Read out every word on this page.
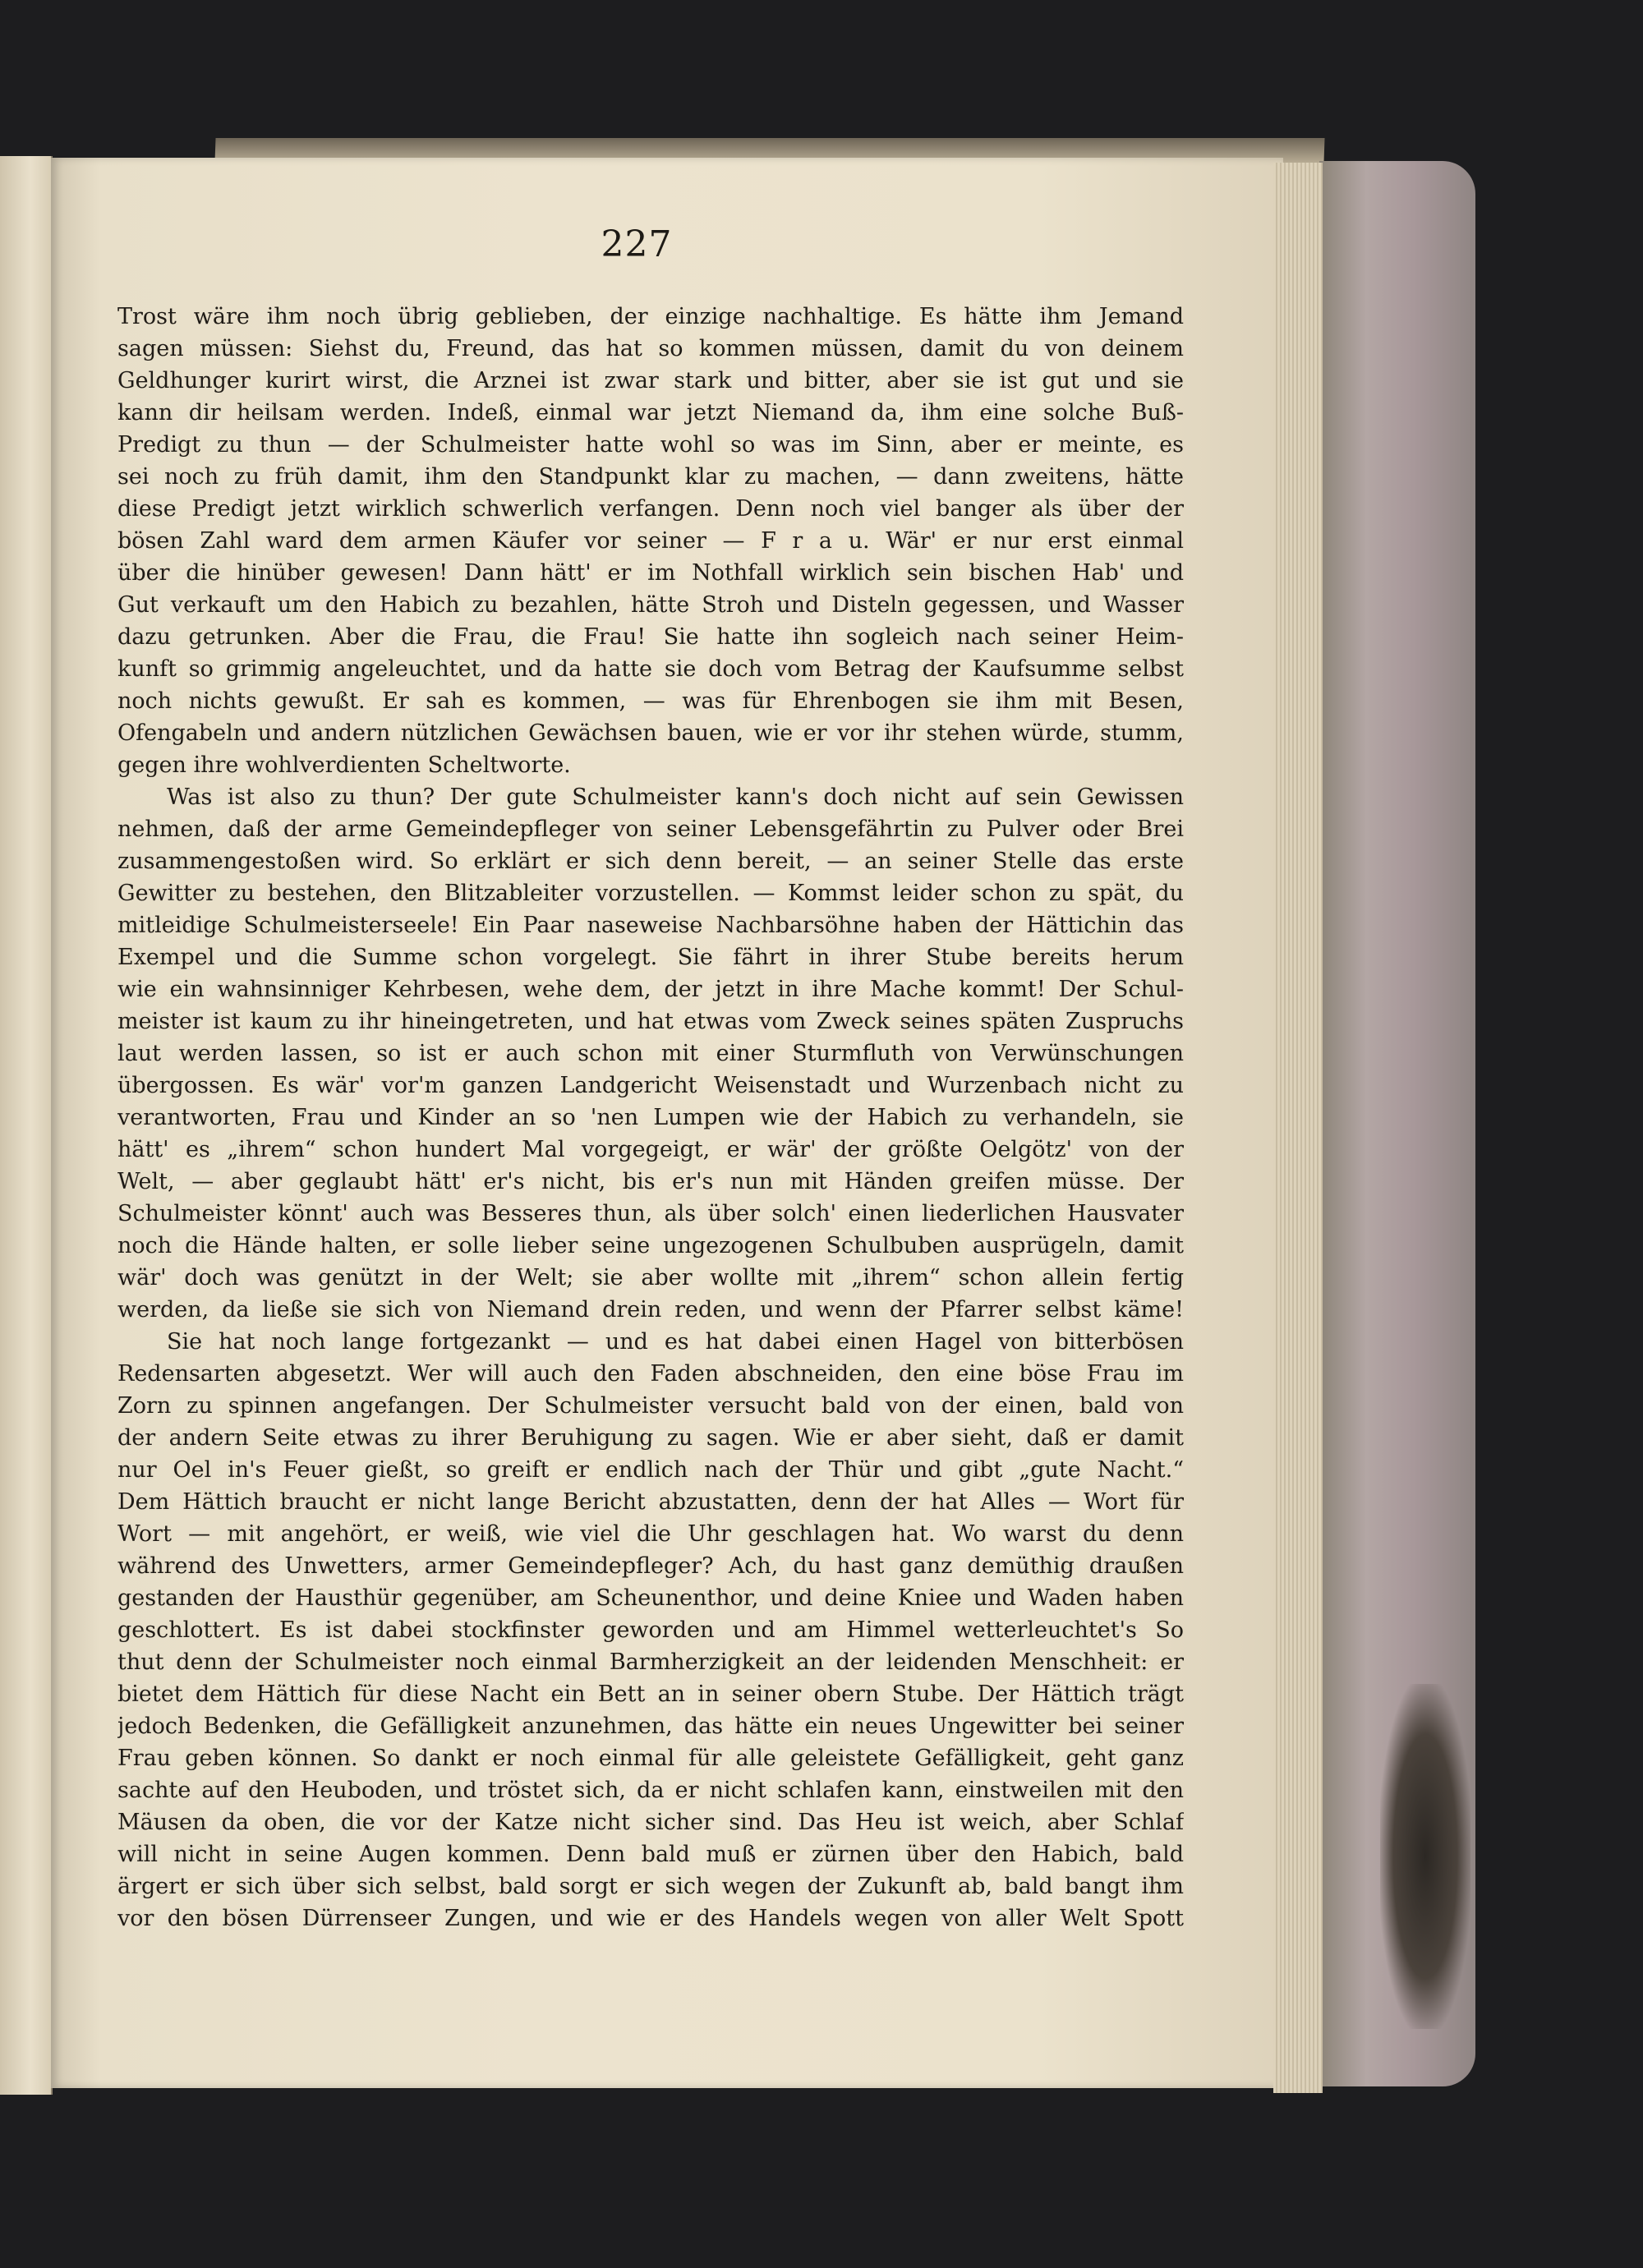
227
Trost wäre ihm noch übrig geblieben, der einzige nachhaltige. Es hätte ihm Jemand
sagen müssen: Siehst du, Freund, das hat so kommen müssen, damit du von deinem
Geldhunger kurirt wirst, die Arznei ist zwar stark und bitter, aber sie ist gut und sie
kann dir heilsam werden. Indeß, einmal war jetzt Niemand da, ihm eine solche Buß-
Predigt zu thun — der Schulmeister hatte wohl so was im Sinn, aber er meinte, es
sei noch zu früh damit, ihm den Standpunkt klar zu machen, — dann zweitens, hätte
diese Predigt jetzt wirklich schwerlich verfangen. Denn noch viel banger als über der
bösen Zahl ward dem armen Käufer vor seiner — F r a u. Wär' er nur erst einmal
über die hinüber gewesen! Dann hätt' er im Nothfall wirklich sein bischen Hab' und
Gut verkauft um den Habich zu bezahlen, hätte Stroh und Disteln gegessen, und Wasser
dazu getrunken. Aber die Frau, die Frau! Sie hatte ihn sogleich nach seiner Heim-
kunft so grimmig angeleuchtet, und da hatte sie doch vom Betrag der Kaufsumme selbst
noch nichts gewußt. Er sah es kommen, — was für Ehrenbogen sie ihm mit Besen,
Ofengabeln und andern nützlichen Gewächsen bauen, wie er vor ihr stehen würde, stumm,
gegen ihre wohlverdienten Scheltworte.
Was ist also zu thun? Der gute Schulmeister kann's doch nicht auf sein Gewissen
nehmen, daß der arme Gemeindepfleger von seiner Lebensgefährtin zu Pulver oder Brei
zusammengestoßen wird. So erklärt er sich denn bereit, — an seiner Stelle das erste
Gewitter zu bestehen, den Blitzableiter vorzustellen. — Kommst leider schon zu spät, du
mitleidige Schulmeisterseele! Ein Paar naseweise Nachbarsöhne haben der Hättichin das
Exempel und die Summe schon vorgelegt. Sie fährt in ihrer Stube bereits herum
wie ein wahnsinniger Kehrbesen, wehe dem, der jetzt in ihre Mache kommt! Der Schul-
meister ist kaum zu ihr hineingetreten, und hat etwas vom Zweck seines späten Zuspruchs
laut werden lassen, so ist er auch schon mit einer Sturmfluth von Verwünschungen
übergossen. Es wär' vor'm ganzen Landgericht Weisenstadt und Wurzenbach nicht zu
verantworten, Frau und Kinder an so 'nen Lumpen wie der Habich zu verhandeln, sie
hätt' es „ihrem“ schon hundert Mal vorgegeigt, er wär' der größte Oelgötz' von der
Welt, — aber geglaubt hätt' er's nicht, bis er's nun mit Händen greifen müsse. Der
Schulmeister könnt' auch was Besseres thun, als über solch' einen liederlichen Hausvater
noch die Hände halten, er solle lieber seine ungezogenen Schulbuben ausprügeln, damit
wär' doch was genützt in der Welt; sie aber wollte mit „ihrem“ schon allein fertig
werden, da ließe sie sich von Niemand drein reden, und wenn der Pfarrer selbst käme!
Sie hat noch lange fortgezankt — und es hat dabei einen Hagel von bitterbösen
Redensarten abgesetzt. Wer will auch den Faden abschneiden, den eine böse Frau im
Zorn zu spinnen angefangen. Der Schulmeister versucht bald von der einen, bald von
der andern Seite etwas zu ihrer Beruhigung zu sagen. Wie er aber sieht, daß er damit
nur Oel in's Feuer gießt, so greift er endlich nach der Thür und gibt „gute Nacht.“
Dem Hättich braucht er nicht lange Bericht abzustatten, denn der hat Alles — Wort für
Wort — mit angehört, er weiß, wie viel die Uhr geschlagen hat. Wo warst du denn
während des Unwetters, armer Gemeindepfleger? Ach, du hast ganz demüthig draußen
gestanden der Hausthür gegenüber, am Scheunenthor, und deine Kniee und Waden haben
geschlottert. Es ist dabei stockfinster geworden und am Himmel wetterleuchtet's So
thut denn der Schulmeister noch einmal Barmherzigkeit an der leidenden Menschheit: er
bietet dem Hättich für diese Nacht ein Bett an in seiner obern Stube. Der Hättich trägt
jedoch Bedenken, die Gefälligkeit anzunehmen, das hätte ein neues Ungewitter bei seiner
Frau geben können. So dankt er noch einmal für alle geleistete Gefälligkeit, geht ganz
sachte auf den Heuboden, und tröstet sich, da er nicht schlafen kann, einstweilen mit den
Mäusen da oben, die vor der Katze nicht sicher sind. Das Heu ist weich, aber Schlaf
will nicht in seine Augen kommen. Denn bald muß er zürnen über den Habich, bald
ärgert er sich über sich selbst, bald sorgt er sich wegen der Zukunft ab, bald bangt ihm
vor den bösen Dürrenseer Zungen, und wie er des Handels wegen von aller Welt Spott
